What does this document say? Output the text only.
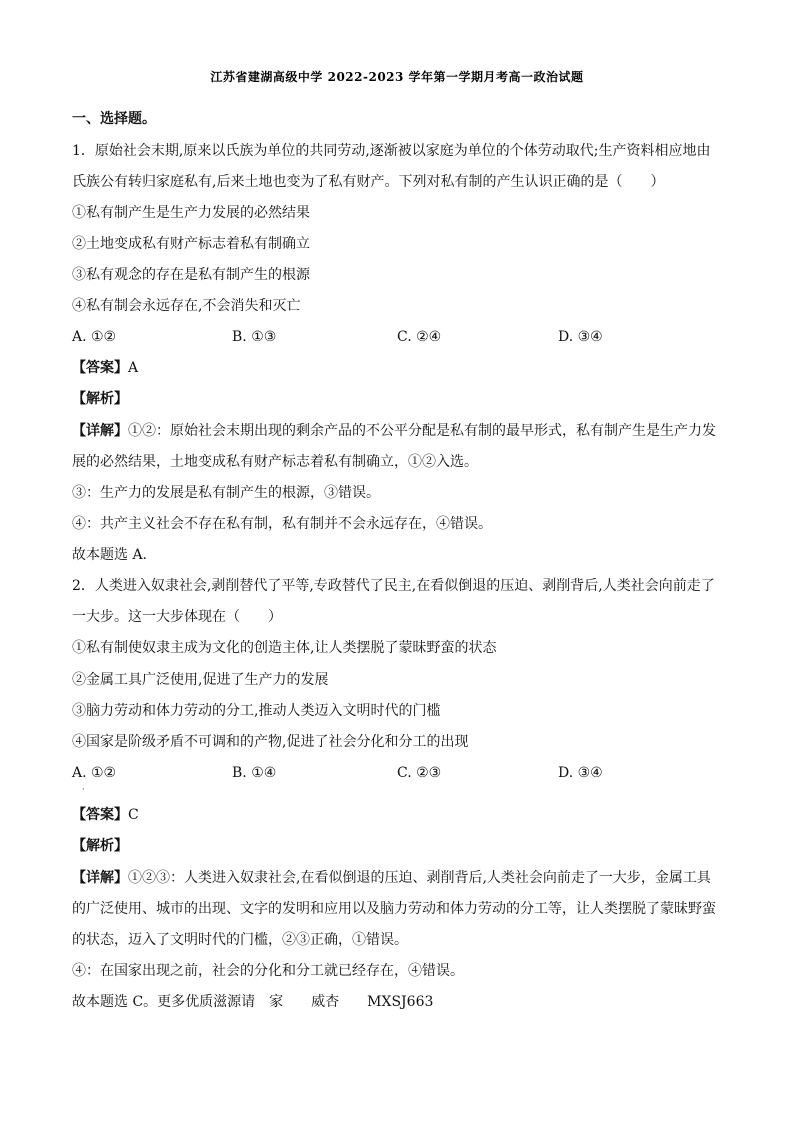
江苏省建湖高级中学 2022-2023 学年第一学期月考高一政治试题
一、选择题。
1．原始社会末期,原来以氏族为单位的共同劳动,逐渐被以家庭为单位的个体劳动取代;生产资料相应地由
氏族公有转归家庭私有,后来土地也变为了私有财产。下列对私有制的产生认识正确的是（　　）
①私有制产生是生产力发展的必然结果
②土地变成私有财产标志着私有制确立
③私有观念的存在是私有制产生的根源
④私有制会永远存在,不会消失和灭亡
A. ①②	B. ①③	C. ②④	D. ③④
【答案】A
【解析】
【详解】①②：原始社会末期出现的剩余产品的不公平分配是私有制的最早形式，私有制产生是生产力发
展的必然结果，土地变成私有财产标志着私有制确立，①②入选。
③：生产力的发展是私有制产生的根源，③错误。
④：共产主义社会不存在私有制，私有制并不会永远存在，④错误。
故本题选 A.
2．人类进入奴隶社会,剥削替代了平等,专政替代了民主,在看似倒退的压迫、剥削背后,人类社会向前走了
一大步。这一大步体现在（　　）
①私有制使奴隶主成为文化的创造主体,让人类摆脱了蒙昧野蛮的状态
②金属工具广泛使用,促进了生产力的发展
③脑力劳动和体力劳动的分工,推动人类迈入文明时代的门槛
④国家是阶级矛盾不可调和的产物,促进了社会分化和分工的出现
A. ①②	B. ①④	C. ②③	D. ③④
·
【答案】C
【解析】
【详解】①②③：人类进入奴隶社会,在看似倒退的压迫、剥削背后,人类社会向前走了一大步，金属工具
的广泛使用、城市的出现、文字的发明和应用以及脑力劳动和体力劳动的分工等，让人类摆脱了蒙昧野蛮
的状态，迈入了文明时代的门槛，②③正确，①错误。
④：在国家出现之前，社会的分化和分工就已经存在，④错误。
故本题选 C。更多优质滋源请　家　　威杏　　MXSJ663
